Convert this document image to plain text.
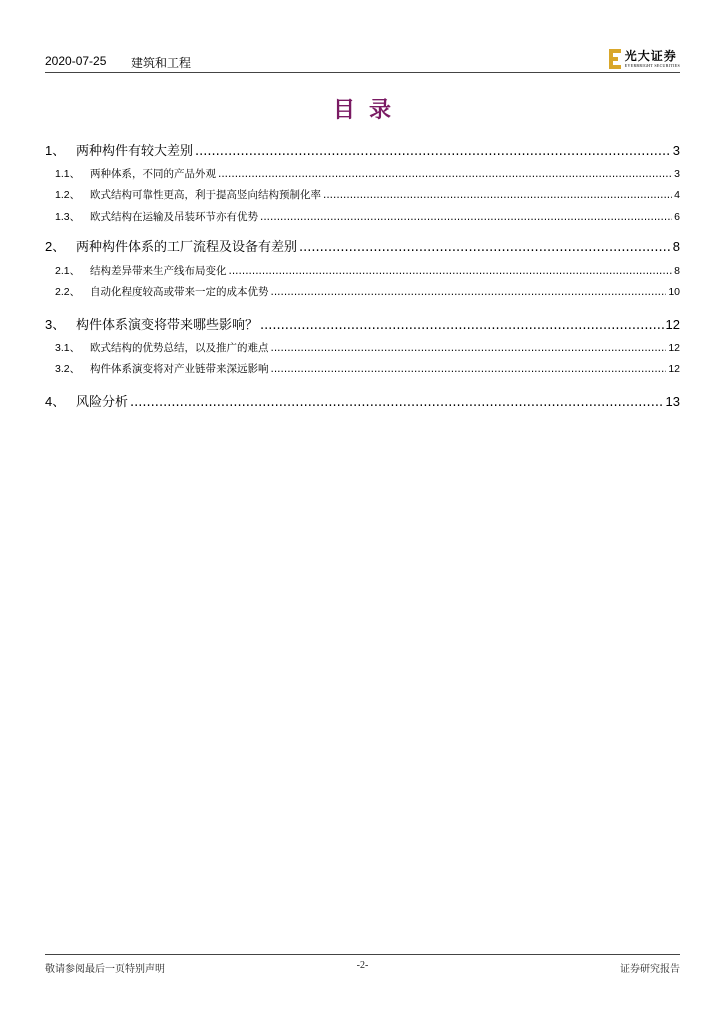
2020-07-25 建筑和工程	光大证券
EVERBRIGHT SECURITIES
目录
1、 两种构件有较大差别 .....	3
1.1、 两种体系，不同的产品外观 .....	3
1.2、 欧式结构可靠性更高，利于提高竖向结构预制化率 .....	4
1.3、 欧式结构在运输及吊装环节亦有优势 .....	6
2、 两种构件体系的工厂流程及设备有差别 .....	8
2.1、 结构差异带来生产线布局变化 .....	8
2.2、 自动化程度较高或带来一定的成本优势 .....	10
3、 构件体系演变将带来哪些影响？ .....	12
3.1、 欧式结构的优势总结，以及推广的难点 .....	12
3.2、 构件体系演变将对产业链带来深远影响 .....	12
4、 风险分析 .....	13
敬请参阅最后一页特别声明	-2-	证券研究报告
